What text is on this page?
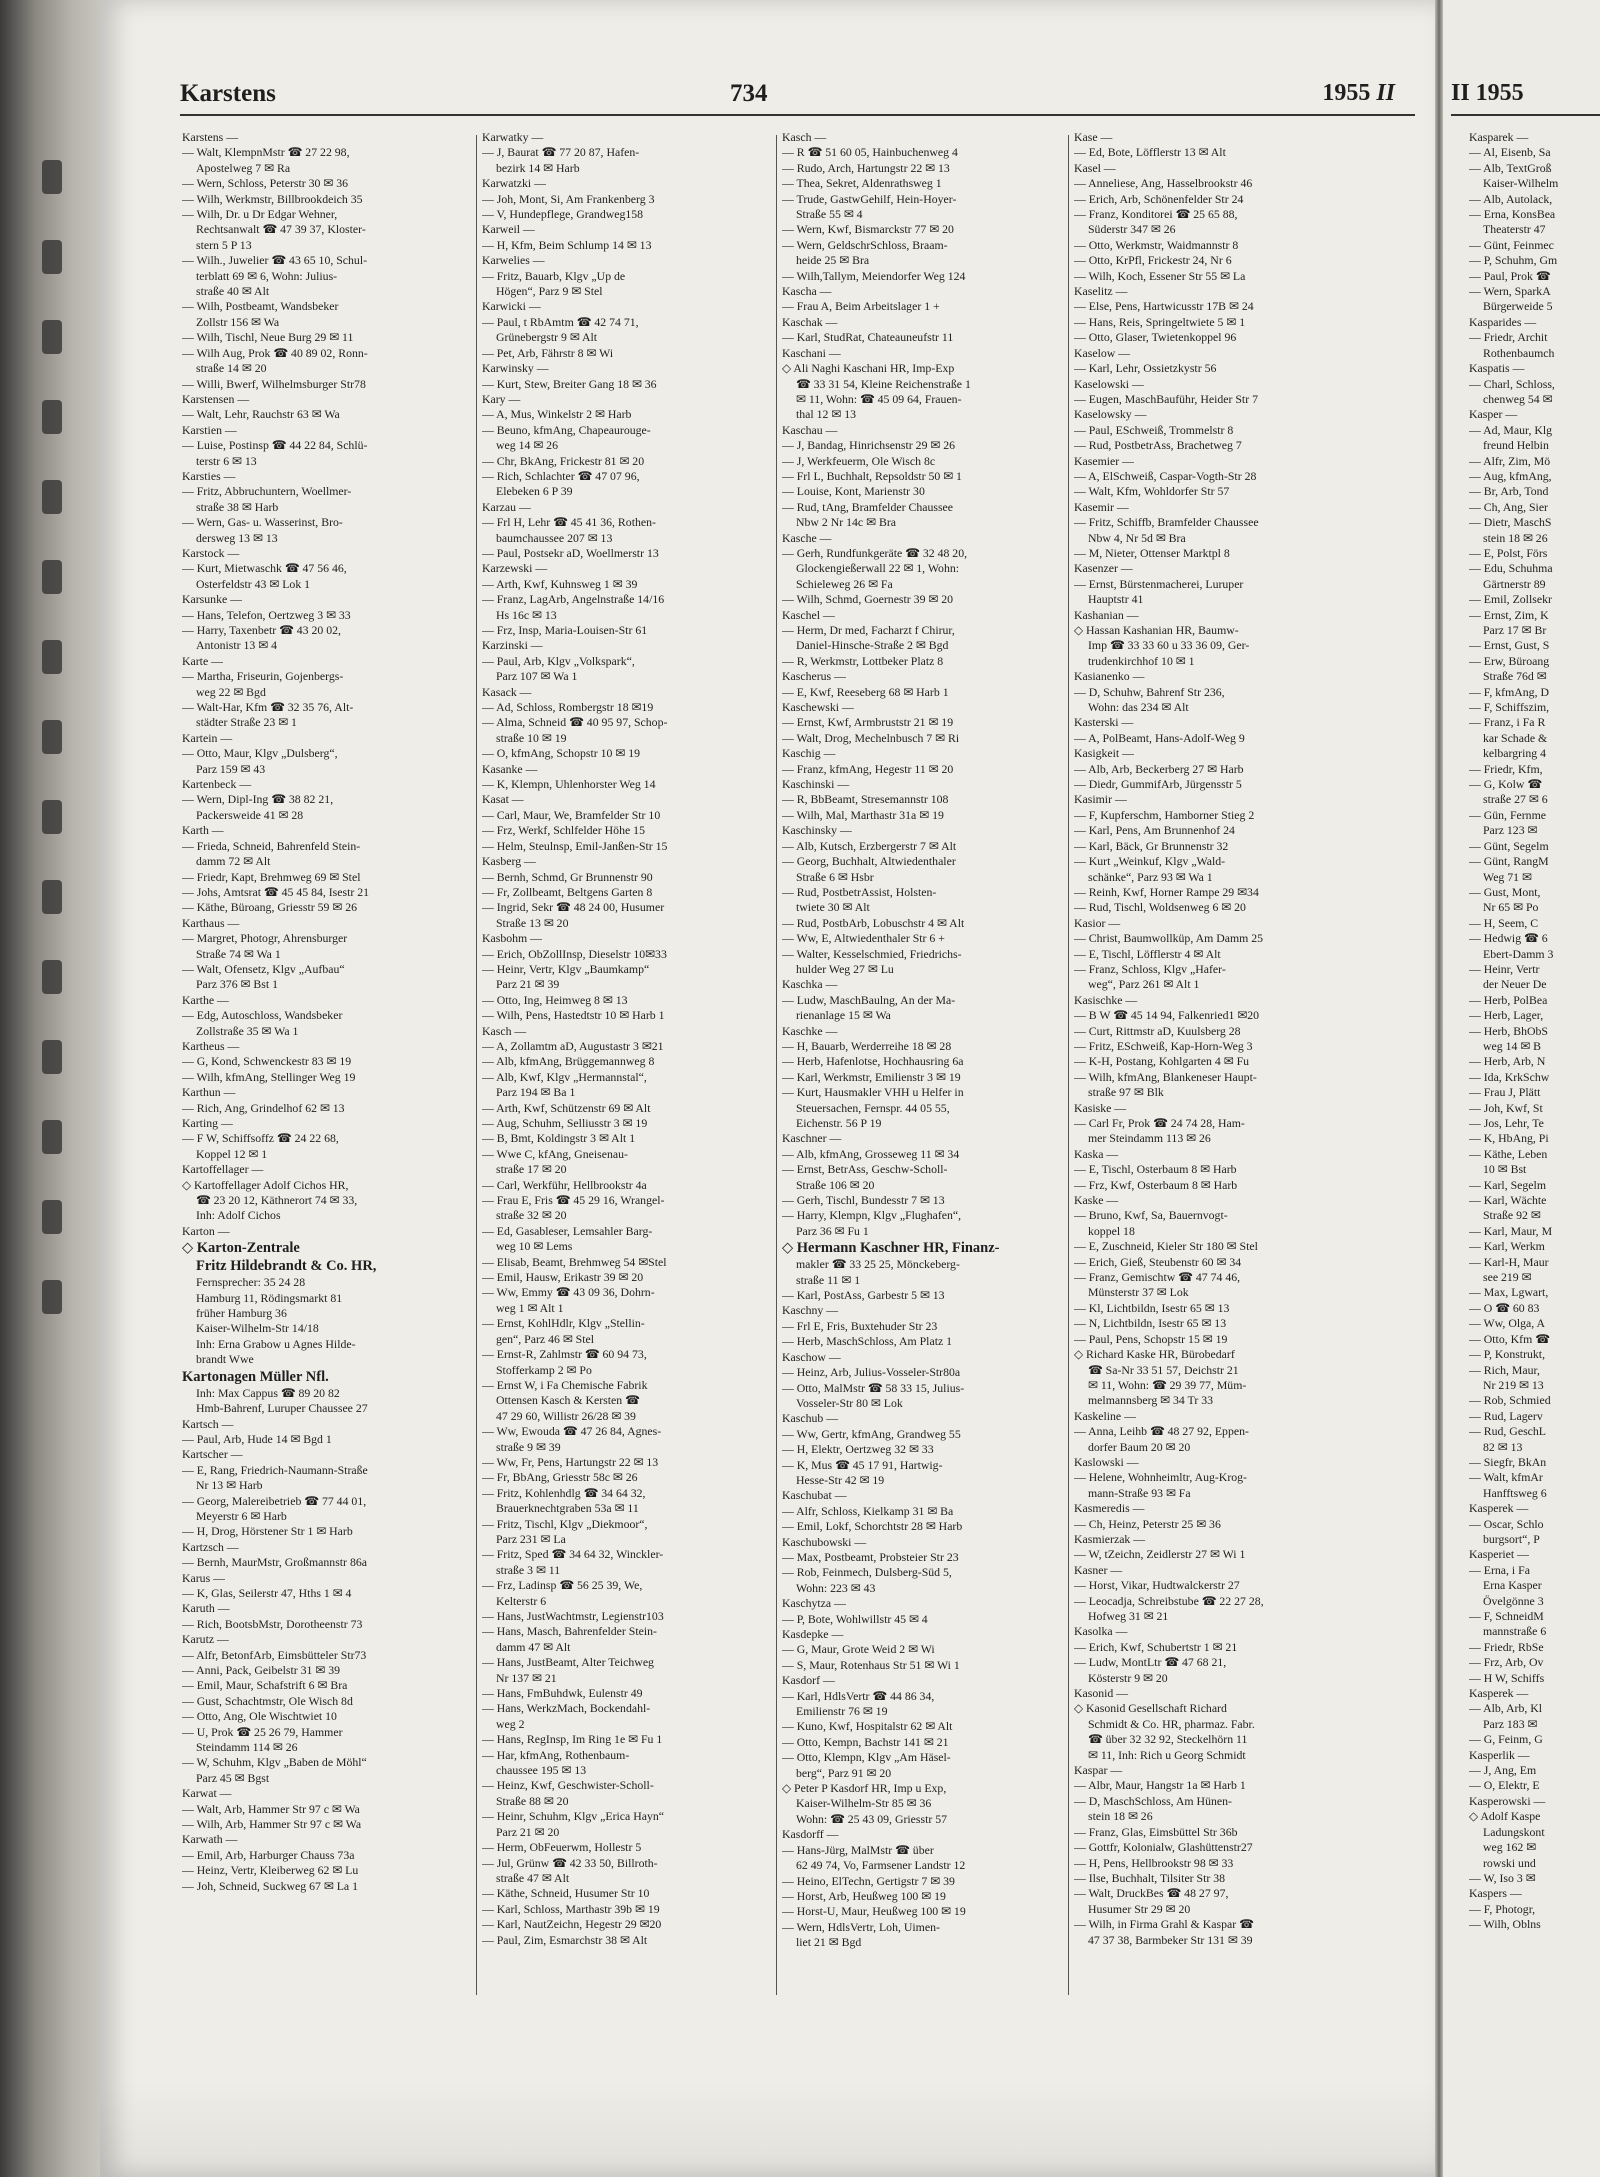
Karstens	734	1955 II
Karstens —
— Walt, KlempnMstr ☎ 27 22 98,
Apostelweg 7 ✉ Ra
— Wern, Schloss, Peterstr 30 ✉ 36
— Wilh, Werkmstr, Billbrookdeich 35
— Wilh, Dr. u Dr Edgar Wehner,
Rechtsanwalt ☎ 47 39 37, Kloster-
stern 5 P 13
— Wilh., Juwelier ☎ 43 65 10, Schul-
terblatt 69 ✉ 6, Wohn: Julius-
straße 40 ✉ Alt
— Wilh, Postbeamt, Wandsbeker
Zollstr 156 ✉ Wa
— Wilh, Tischl, Neue Burg 29 ✉ 11
— Wilh Aug, Prok ☎ 40 89 02, Ronn-
straße 14 ✉ 20
— Willi, Bwerf, Wilhelmsburger Str78
Karstensen —
— Walt, Lehr, Rauchstr 63 ✉ Wa
Karstien —
— Luise, Postinsp ☎ 44 22 84, Schlü-
terstr 6 ✉ 13
Karsties —
— Fritz, Abbruchuntern, Woellmer-
straße 38 ✉ Harb
— Wern, Gas- u. Wasserinst, Bro-
dersweg 13 ✉ 13
Karstock —
— Kurt, Mietwaschk ☎ 47 56 46,
Osterfeldstr 43 ✉ Lok 1
Karsunke —
— Hans, Telefon, Oertzweg 3 ✉ 33
— Harry, Taxenbetr ☎ 43 20 02,
Antonistr 13 ✉ 4
Karte —
— Martha, Friseurin, Gojenbergs-
weg 22 ✉ Bgd
— Walt-Har, Kfm ☎ 32 35 76, Alt-
städter Straße 23 ✉ 1
Kartein —
— Otto, Maur, Klgv „Dulsberg“,
Parz 159 ✉ 43
Kartenbeck —
— Wern, Dipl-Ing ☎ 38 82 21,
Packersweide 41 ✉ 28
Karth —
— Frieda, Schneid, Bahrenfeld Stein-
damm 72 ✉ Alt
— Friedr, Kapt, Brehmweg 69 ✉ Stel
— Johs, Amtsrat ☎ 45 45 84, Isestr 21
— Käthe, Büroang, Griesstr 59 ✉ 26
Karthaus —
— Margret, Photogr, Ahrensburger
Straße 74 ✉ Wa 1
— Walt, Ofensetz, Klgv „Aufbau“
Parz 376 ✉ Bst 1
Karthe —
— Edg, Autoschloss, Wandsbeker
Zollstraße 35 ✉ Wa 1
Kartheus —
— G, Kond, Schwenckestr 83 ✉ 19
— Wilh, kfmAng, Stellinger Weg 19
Karthun —
— Rich, Ang, Grindelhof 62 ✉ 13
Karting —
— F W, Schiffsoffz ☎ 24 22 68,
Koppel 12 ✉ 1
Kartoffellager —
◇ Kartoffellager Adolf Cichos HR,
☎ 23 20 12, Käthnerort 74 ✉ 33,
Inh: Adolf Cichos
Karton —
◇ Karton-Zentrale
Fritz Hildebrandt & Co. HR,
Fernsprecher: 35 24 28
Hamburg 11, Rödingsmarkt 81
früher Hamburg 36
Kaiser-Wilhelm-Str 14/18
Inh: Erna Grabow u Agnes Hilde-
brandt Wwe
Kartonagen Müller Nfl.
Inh: Max Cappus ☎ 89 20 82
Hmb-Bahrenf, Luruper Chaussee 27
Kartsch —
— Paul, Arb, Hude 14 ✉ Bgd 1
Kartscher —
— E, Rang, Friedrich-Naumann-Straße
Nr 13 ✉ Harb
— Georg, Malereibetrieb ☎ 77 44 01,
Meyerstr 6 ✉ Harb
— H, Drog, Hörstener Str 1 ✉ Harb
Kartzsch —
— Bernh, MaurMstr, Großmannstr 86a
Karus —
— K, Glas, Seilerstr 47, Hths 1 ✉ 4
Karuth —
— Rich, BootsbMstr, Dorotheenstr 73
Karutz —
— Alfr, BetonfArb, Eimsbütteler Str73
— Anni, Pack, Geibelstr 31 ✉ 39
— Emil, Maur, Schafstrift 6 ✉ Bra
— Gust, Schachtmstr, Ole Wisch 8d
— Otto, Ang, Ole Wischtwiet 10
— U, Prok ☎ 25 26 79, Hammer
Steindamm 114 ✉ 26
— W, Schuhm, Klgv „Baben de Möhl“
Parz 45 ✉ Bgst
Karwat —
— Walt, Arb, Hammer Str 97 c ✉ Wa
— Wilh, Arb, Hammer Str 97 c ✉ Wa
Karwath —
— Emil, Arb, Harburger Chauss 73a
— Heinz, Vertr, Kleiberweg 62 ✉ Lu
— Joh, Schneid, Suckweg 67 ✉ La 1
Karwatky —
— J, Baurat ☎ 77 20 87, Hafen-
bezirk 14 ✉ Harb
Karwatzki —
— Joh, Mont, Si, Am Frankenberg 3
— V, Hundepflege, Grandweg158
Karweil —
— H, Kfm, Beim Schlump 14 ✉ 13
Karwelies —
— Fritz, Bauarb, Klgv „Up de
Högen“, Parz 9 ✉ Stel
Karwicki —
— Paul, t RbAmtm ☎ 42 74 71,
Grünebergstr 9 ✉ Alt
— Pet, Arb, Fährstr 8 ✉ Wi
Karwinsky —
— Kurt, Stew, Breiter Gang 18 ✉ 36
Kary —
— A, Mus, Winkelstr 2 ✉ Harb
— Beuno, kfmAng, Chapeaurouge-
weg 14 ✉ 26
— Chr, BkAng, Frickestr 81 ✉ 20
— Rich, Schlachter ☎ 47 07 96,
Elebeken 6 P 39
Karzau —
— Frl H, Lehr ☎ 45 41 36, Rothen-
baumchaussee 207 ✉ 13
— Paul, Postsekr aD, Woellmerstr 13
Karzewski —
— Arth, Kwf, Kuhnsweg 1 ✉ 39
— Franz, LagArb, Angelnstraße 14/16
Hs 16c ✉ 13
— Frz, Insp, Maria-Louisen-Str 61
Karzinski —
— Paul, Arb, Klgv „Volkspark“,
Parz 107 ✉ Wa 1
Kasack —
— Ad, Schloss, Rombergstr 18 ✉19
— Alma, Schneid ☎ 40 95 97, Schop-
straße 10 ✉ 19
— O, kfmAng, Schopstr 10 ✉ 19
Kasanke —
— K, Klempn, Uhlenhorster Weg 14
Kasat —
— Carl, Maur, We, Bramfelder Str 10
— Frz, Werkf, Schlfelder Höhe 15
— Helm, Steulnsp, Emil-Janßen-Str 15
Kasberg —
— Bernh, Schmd, Gr Brunnenstr 90
— Fr, Zollbeamt, Beltgens Garten 8
— Ingrid, Sekr ☎ 48 24 00, Husumer
Straße 13 ✉ 20
Kasbohm —
— Erich, ObZollInsp, Dieselstr 10✉33
— Heinr, Vertr, Klgv „Baumkamp“
Parz 21 ✉ 39
— Otto, Ing, Heimweg 8 ✉ 13
— Wilh, Pens, Hastedtstr 10 ✉ Harb 1
Kasch —
— A, Zollamtm aD, Augustastr 3 ✉21
— Alb, kfmAng, Brüggemannweg 8
— Alb, Kwf, Klgv „Hermannstal“,
Parz 194 ✉ Ba 1
— Arth, Kwf, Schützenstr 69 ✉ Alt
— Aug, Schuhm, Selliusstr 3 ✉ 19
— B, Bmt, Koldingstr 3 ✉ Alt 1
— Wwe C, kfAng, Gneisenau-
straße 17 ✉ 20
— Carl, Werkführ, Hellbrookstr 4a
— Frau E, Fris ☎ 45 29 16, Wrangel-
straße 32 ✉ 20
— Ed, Gasableser, Lemsahler Barg-
weg 10 ✉ Lems
— Elisab, Beamt, Brehmweg 54 ✉Stel
— Emil, Hausw, Erikastr 39 ✉ 20
— Ww, Emmy ☎ 43 09 36, Dohrn-
weg 1 ✉ Alt 1
— Ernst, KohlHdlr, Klgv „Stellin-
gen“, Parz 46 ✉ Stel
— Ernst-R, Zahlmstr ☎ 60 94 73,
Stofferkamp 2 ✉ Po
— Ernst W, i Fa Chemische Fabrik
Ottensen Kasch & Kersten ☎
47 29 60, Willistr 26/28 ✉ 39
— Ww, Ewouda ☎ 47 26 84, Agnes-
straße 9 ✉ 39
— Ww, Fr, Pens, Hartungstr 22 ✉ 13
— Fr, BbAng, Griesstr 58c ✉ 26
— Fritz, Kohlenhdlg ☎ 34 64 32,
Brauerknechtgraben 53a ✉ 11
— Fritz, Tischl, Klgv „Diekmoor“,
Parz 231 ✉ La
— Fritz, Sped ☎ 34 64 32, Winckler-
straße 3 ✉ 11
— Frz, Ladinsp ☎ 56 25 39, We,
Kelterstr 6
— Hans, JustWachtmstr, Legienstr103
— Hans, Masch, Bahrenfelder Stein-
damm 47 ✉ Alt
— Hans, JustBeamt, Alter Teichweg
Nr 137 ✉ 21
— Hans, FmBuhdwk, Eulenstr 49
— Hans, WerkzMach, Bockendahl-
weg 2
— Hans, RegInsp, Im Ring 1e ✉ Fu 1
— Har, kfmAng, Rothenbaum-
chaussee 195 ✉ 13
— Heinz, Kwf, Geschwister-Scholl-
Straße 88 ✉ 20
— Heinr, Schuhm, Klgv „Erica Hayn“
Parz 21 ✉ 20
— Herm, ObFeuerwm, Hollestr 5
— Jul, Grünw ☎ 42 33 50, Billroth-
straße 47 ✉ Alt
— Käthe, Schneid, Husumer Str 10
— Karl, Schloss, Marthastr 39b ✉ 19
— Karl, NautZeichn, Hegestr 29 ✉20
— Paul, Zim, Esmarchstr 38 ✉ Alt
Kasch —
— R ☎ 51 60 05, Hainbuchenweg 4
— Rudo, Arch, Hartungstr 22 ✉ 13
— Thea, Sekret, Aldenrathsweg 1
— Trude, GastwGehilf, Hein-Hoyer-
Straße 55 ✉ 4
— Wern, Kwf, Bismarckstr 77 ✉ 20
— Wern, GeldschrSchloss, Braam-
heide 25 ✉ Bra
— Wilh,Tallym, Meiendorfer Weg 124
Kascha —
— Frau A, Beim Arbeitslager 1 +
Kaschak —
— Karl, StudRat, Chateauneufstr 11
Kaschani —
◇ Ali Naghi Kaschani HR, Imp-Exp
☎ 33 31 54, Kleine Reichenstraße 1
✉ 11, Wohn: ☎ 45 09 64, Frauen-
thal 12 ✉ 13
Kaschau —
— J, Bandag, Hinrichsenstr 29 ✉ 26
— J, Werkfeuerm, Ole Wisch 8c
— Frl L, Buchhalt, Repsoldstr 50 ✉ 1
— Louise, Kont, Marienstr 30
— Rud, tAng, Bramfelder Chaussee
Nbw 2 Nr 14c ✉ Bra
Kasche —
— Gerh, Rundfunkgeräte ☎ 32 48 20,
Glockengießerwall 22 ✉ 1, Wohn:
Schieleweg 26 ✉ Fa
— Wilh, Schmd, Goernestr 39 ✉ 20
Kaschel —
— Herm, Dr med, Facharzt f Chirur,
Daniel-Hinsche-Straße 2 ✉ Bgd
— R, Werkmstr, Lottbeker Platz 8
Kascherus —
— E, Kwf, Reeseberg 68 ✉ Harb 1
Kaschewski —
— Ernst, Kwf, Armbruststr 21 ✉ 19
— Walt, Drog, Mechelnbusch 7 ✉ Ri
Kaschig —
— Franz, kfmAng, Hegestr 11 ✉ 20
Kaschinski —
— R, BbBeamt, Stresemannstr 108
— Wilh, Mal, Marthastr 31a ✉ 19
Kaschinsky —
— Alb, Kutsch, Erzbergerstr 7 ✉ Alt
— Georg, Buchhalt, Altwiedenthaler
Straße 6 ✉ Hsbr
— Rud, PostbetrAssist, Holsten-
twiete 30 ✉ Alt
— Rud, PostbArb, Lobuschstr 4 ✉ Alt
— Ww, E, Altwiedenthaler Str 6 +
— Walter, Kesselschmied, Friedrichs-
hulder Weg 27 ✉ Lu
Kaschka —
— Ludw, MaschBaulng, An der Ma-
rienanlage 15 ✉ Wa
Kaschke —
— H, Bauarb, Werderreihe 18 ✉ 28
— Herb, Hafenlotse, Hochhausring 6a
— Karl, Werkmstr, Emilienstr 3 ✉ 19
— Kurt, Hausmakler VHH u Helfer in
Steuersachen, Fernspr. 44 05 55,
Eichenstr. 56 P 19
Kaschner —
— Alb, kfmAng, Grosseweg 11 ✉ 34
— Ernst, BetrAss, Geschw-Scholl-
Straße 106 ✉ 20
— Gerh, Tischl, Bundesstr 7 ✉ 13
— Harry, Klempn, Klgv „Flughafen“,
Parz 36 ✉ Fu 1
◇ Hermann Kaschner HR, Finanz-
makler ☎ 33 25 25, Mönckeberg-
straße 11 ✉ 1
— Karl, PostAss, Garbestr 5 ✉ 13
Kaschny —
— Frl E, Fris, Buxtehuder Str 23
— Herb, MaschSchloss, Am Platz 1
Kaschow —
— Heinz, Arb, Julius-Vosseler-Str80a
— Otto, MalMstr ☎ 58 33 15, Julius-
Vosseler-Str 80 ✉ Lok
Kaschub —
— Ww, Gertr, kfmAng, Grandweg 55
— H, Elektr, Oertzweg 32 ✉ 33
— K, Mus ☎ 45 17 91, Hartwig-
Hesse-Str 42 ✉ 19
Kaschubat —
— Alfr, Schloss, Kielkamp 31 ✉ Ba
— Emil, Lokf, Schorchtstr 28 ✉ Harb
Kaschubowski —
— Max, Postbeamt, Probsteier Str 23
— Rob, Feinmech, Dulsberg-Süd 5,
Wohn: 223 ✉ 43
Kaschytza —
— P, Bote, Wohlwillstr 45 ✉ 4
Kasdepke —
— G, Maur, Grote Weid 2 ✉ Wi
— S, Maur, Rotenhaus Str 51 ✉ Wi 1
Kasdorf —
— Karl, HdlsVertr ☎ 44 86 34,
Emilienstr 76 ✉ 19
— Kuno, Kwf, Hospitalstr 62 ✉ Alt
— Otto, Kempn, Bachstr 141 ✉ 21
— Otto, Klempn, Klgv „Am Häsel-
berg“, Parz 91 ✉ 20
◇ Peter P Kasdorf HR, Imp u Exp,
Kaiser-Wilhelm-Str 85 ✉ 36
Wohn: ☎ 25 43 09, Griesstr 57
Kasdorff —
— Hans-Jürg, MalMstr ☎ über
62 49 74, Vo, Farmsener Landstr 12
— Heino, ElTechn, Gertigstr 7 ✉ 39
— Horst, Arb, Heußweg 100 ✉ 19
— Horst-U, Maur, Heußweg 100 ✉ 19
— Wern, HdlsVertr, Loh, Uimen-
liet 21 ✉ Bgd
Kase —
— Ed, Bote, Löfflerstr 13 ✉ Alt
Kasel —
— Anneliese, Ang, Hasselbrookstr 46
— Erich, Arb, Schönenfelder Str 24
— Franz, Konditorei ☎ 25 65 88,
Süderstr 347 ✉ 26
— Otto, Werkmstr, Waidmannstr 8
— Otto, KrPfl, Frickestr 24, Nr 6
— Wilh, Koch, Essener Str 55 ✉ La
Kaselitz —
— Else, Pens, Hartwicusstr 17B ✉ 24
— Hans, Reis, Springeltwiete 5 ✉ 1
— Otto, Glaser, Twietenkoppel 96
Kaselow —
— Karl, Lehr, Ossietzkystr 56
Kaselowski —
— Eugen, MaschBauführ, Heider Str 7
Kaselowsky —
— Paul, ESchweiß, Trommelstr 8
— Rud, PostbetrAss, Brachetweg 7
Kasemier —
— A, ElSchweiß, Caspar-Vogth-Str 28
— Walt, Kfm, Wohldorfer Str 57
Kasemir —
— Fritz, Schiffb, Bramfelder Chaussee
Nbw 4, Nr 5d ✉ Bra
— M, Nieter, Ottenser Marktpl 8
Kasenzer —
— Ernst, Bürstenmacherei, Luruper
Hauptstr 41
Kashanian —
◇ Hassan Kashanian HR, Baumw-
Imp ☎ 33 33 60 u 33 36 09, Ger-
trudenkirchhof 10 ✉ 1
Kasianenko —
— D, Schuhw, Bahrenf Str 236,
Wohn: das 234 ✉ Alt
Kasterski —
— A, PolBeamt, Hans-Adolf-Weg 9
Kasigkeit —
— Alb, Arb, Beckerberg 27 ✉ Harb
— Diedr, GummifArb, Jürgensstr 5
Kasimir —
— F, Kupferschm, Hamborner Stieg 2
— Karl, Pens, Am Brunnenhof 24
— Karl, Bäck, Gr Brunnenstr 32
— Kurt „Weinkuf, Klgv „Wald-
schänke“, Parz 93 ✉ Wa 1
— Reinh, Kwf, Horner Rampe 29 ✉34
— Rud, Tischl, Woldsenweg 6 ✉ 20
Kasior —
— Christ, Baumwollküp, Am Damm 25
— E, Tischl, Löfflerstr 4 ✉ Alt
— Franz, Schloss, Klgv „Hafer-
weg“, Parz 261 ✉ Alt 1
Kasischke —
— B W ☎ 45 14 94, Falkenried1 ✉20
— Curt, Rittmstr aD, Kuulsberg 28
— Fritz, ESchweiß, Kap-Horn-Weg 3
— K-H, Postang, Kohlgarten 4 ✉ Fu
— Wilh, kfmAng, Blankeneser Haupt-
straße 97 ✉ Blk
Kasiske —
— Carl Fr, Prok ☎ 24 74 28, Ham-
mer Steindamm 113 ✉ 26
Kaska —
— E, Tischl, Osterbaum 8 ✉ Harb
— Frz, Kwf, Osterbaum 8 ✉ Harb
Kaske —
— Bruno, Kwf, Sa, Bauernvogt-
koppel 18
— E, Zuschneid, Kieler Str 180 ✉ Stel
— Erich, Gieß, Steubenstr 60 ✉ 34
— Franz, Gemischtw ☎ 47 74 46,
Münsterstr 37 ✉ Lok
— Kl, Lichtbildn, Isestr 65 ✉ 13
— N, Lichtbildn, Isestr 65 ✉ 13
— Paul, Pens, Schopstr 15 ✉ 19
◇ Richard Kaske HR, Bürobedarf
☎ Sa-Nr 33 51 57, Deichstr 21
✉ 11, Wohn: ☎ 29 39 77, Müm-
melmannsberg ✉ 34 Tr 33
Kaskeline —
— Anna, Leihb ☎ 48 27 92, Eppen-
dorfer Baum 20 ✉ 20
Kaslowski —
— Helene, Wohnheimltr, Aug-Krog-
mann-Straße 93 ✉ Fa
Kasmeredis —
— Ch, Heinz, Peterstr 25 ✉ 36
Kasmierzak —
— W, tZeichn, Zeidlerstr 27 ✉ Wi 1
Kasner —
— Horst, Vikar, Hudtwalckerstr 27
— Leocadja, Schreibstube ☎ 22 27 28,
Hofweg 31 ✉ 21
Kasolka —
— Erich, Kwf, Schubertstr 1 ✉ 21
— Ludw, MontLtr ☎ 47 68 21,
Kösterstr 9 ✉ 20
Kasonid —
◇ Kasonid Gesellschaft Richard
Schmidt & Co. HR, pharmaz. Fabr.
☎ über 32 32 92, Steckelhörn 11
✉ 11, Inh: Rich u Georg Schmidt
Kaspar —
— Albr, Maur, Hangstr 1a ✉ Harb 1
— D, MaschSchloss, Am Hünen-
stein 18 ✉ 26
— Franz, Glas, Eimsbüttel Str 36b
— Gottfr, Kolonialw, Glashüttenstr27
— H, Pens, Hellbrookstr 98 ✉ 33
— Ilse, Buchhalt, Tilsiter Str 38
— Walt, DruckBes ☎ 48 27 97,
Husumer Str 29 ✉ 20
— Wilh, in Firma Grahl & Kaspar ☎
47 37 38, Barmbeker Str 131 ✉ 39
II 1955
Kasparek —
— Al, Eisenb, Sa
— Alb, TextGroß
Kaiser-Wilhelm
— Alb, Autolack,
— Erna, KonsBea
Theaterstr 47
— Günt, Feinmec
— P, Schuhm, Gm
— Paul, Prok ☎
— Wern, SparkA
Bürgerweide 5
Kasparides —
— Friedr, Archit
Rothenbaumch
Kaspatis —
— Charl, Schloss,
chenweg 54 ✉
Kasper —
— Ad, Maur, Klg
freund Helbin
— Alfr, Zim, Mö
— Aug, kfmAng,
— Br, Arb, Tond
— Ch, Ang, Sier
— Dietr, MaschS
stein 18 ✉ 26
— E, Polst, Förs
— Edu, Schuhma
Gärtnerstr 89
— Emil, Zollsekr
— Ernst, Zim, K
Parz 17 ✉ Br
— Ernst, Gust, S
— Erw, Büroang
Straße 76d ✉
— F, kfmAng, D
— F, Schiffszim,
— Franz, i Fa R
kar Schade &
kelbargring 4
— Friedr, Kfm,
— G, Kolw ☎
straße 27 ✉ 6
— Gün, Fernme
Parz 123 ✉
— Günt, Segelm
— Günt, RangM
Weg 71 ✉
— Gust, Mont,
Nr 65 ✉ Po
— H, Seem, C
— Hedwig ☎ 6
Ebert-Damm 3
— Heinr, Vertr
der Neuer De
— Herb, PolBea
— Herb, Lager,
— Herb, BhObS
weg 14 ✉ B
— Herb, Arb, N
— Ida, KrkSchw
— Frau J, Plätt
— Joh, Kwf, St
— Jos, Lehr, Te
— K, HbAng, Pi
— Käthe, Leben
10 ✉ Bst
— Karl, Segelm
— Karl, Wächte
Straße 92 ✉
— Karl, Maur, M
— Karl, Werkm
— Karl-H, Maur
see 219 ✉
— Max, Lgwart,
— O ☎ 60 83
— Ww, Olga, A
— Otto, Kfm ☎
— P, Konstrukt,
— Rich, Maur,
Nr 219 ✉ 13
— Rob, Schmied
— Rud, Lagerv
— Rud, GeschL
82 ✉ 13
— Siegfr, BkAn
— Walt, kfmAr
Hanfftsweg 6
Kasperek —
— Oscar, Schlo
burgsort“, P
Kasperiet —
— Erna, i Fa
Erna Kasper
Övelgönne 3
— F, SchneidM
mannstraße 6
— Friedr, RbSe
— Frz, Arb, Ov
— H W, Schiffs
Kasperek —
— Alb, Arb, Kl
Parz 183 ✉
— G, Feinm, G
Kasperlik —
— J, Ang, Em
— O, Elektr, E
Kasperowski —
◇ Adolf Kaspe
Ladungskont
weg 162 ✉
rowski und
— W, Iso 3 ✉
Kaspers —
— F, Photogr,
— Wilh, Oblns
